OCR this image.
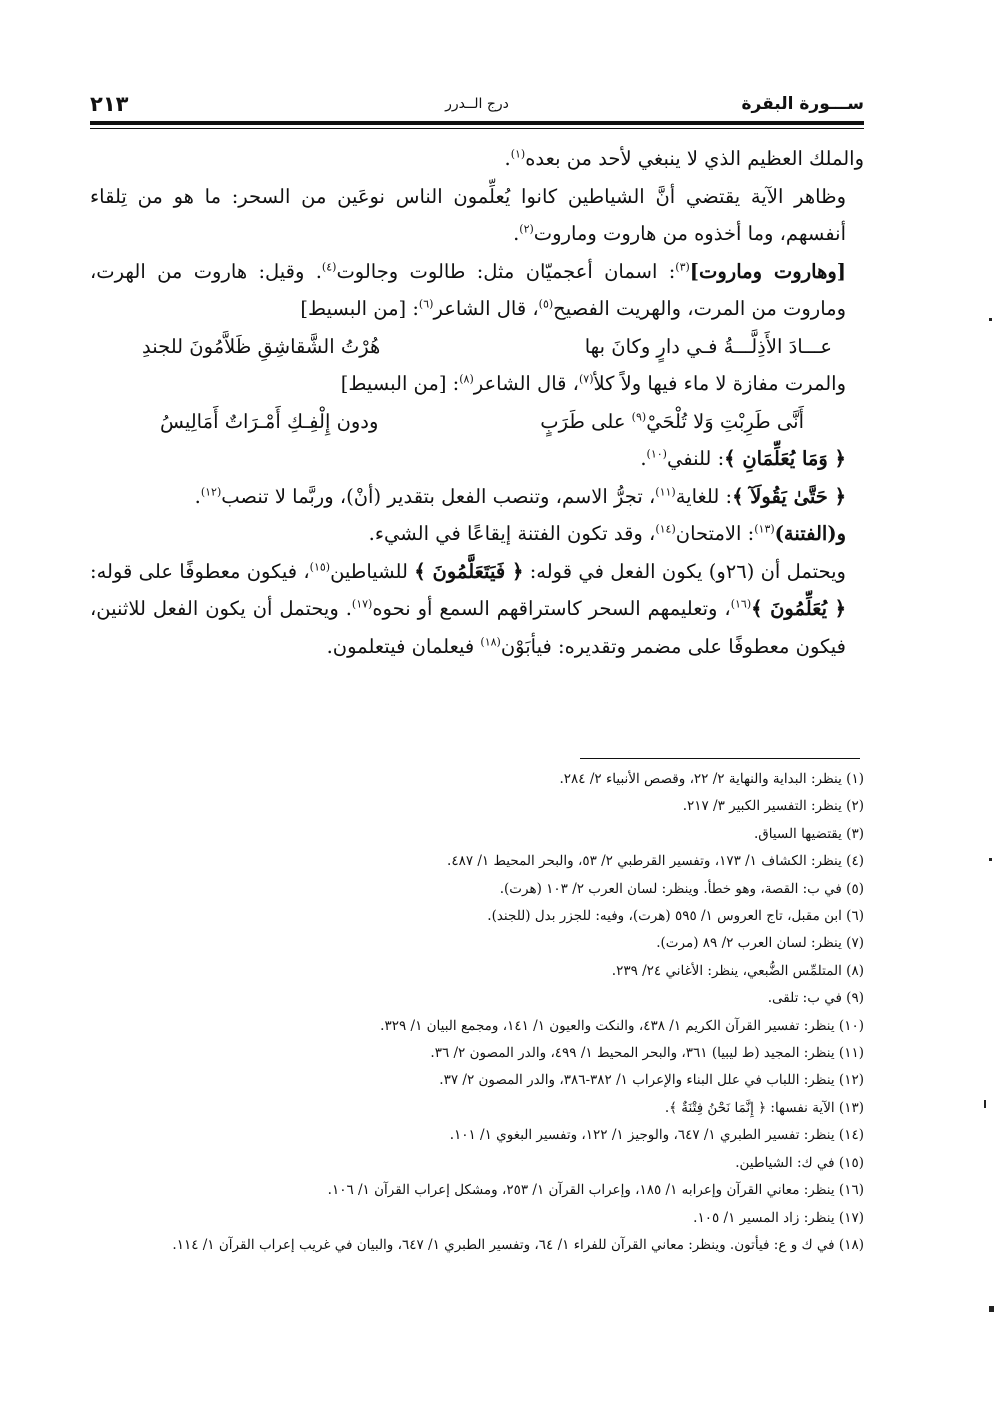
ســـورة البقرة
درج الــدرر
٢١٣

والملك العظيم الذي لا ينبغي لأحد من بعده$^{(١)}$.

وظاهر الآية يقتضي أنَّ الشياطين كانوا يُعلِّمون الناس نوعَين من السحر: ما هو من تِلقاء أنفسهم، وما أخذوه من هاروت وماروت$^{(٢)}$.

[وهاروت وماروت]$^{(٣)}$: اسمان أعجميّان مثل: طالوت وجالوت$^{(٤)}$. وقيل: هاروت من الهرت، وماروت من المرت، والهريت الفصيح$^{(٥)}$، قال الشاعر$^{(٦)}$: [من البسيط]

عـــادَ الأَذِلَّـــةُ فـي دارٍ وكانَ بها
هُرْتُ الشَّقاشِقِ ظَلاَّمُونَ للجندِ

والمرت مفازة لا ماء فيها ولاً كلأ$^{(٧)}$، قال الشاعر$^{(٨)}$: [من البسيط]

أَنَّى طَرِبْتِ وَلا تُلْحَيْ$^{(٩)}$ على طَرَبٍ
ودون إِلْفِـكِ أَمْـرَاتٌ أَمَالِيسُ

﴿ وَمَا يُعَلِّمَانِ ﴾: للنفي$^{(١٠)}$.

﴿ حَتَّىٰ يَقُولَآ ﴾: للغاية$^{(١١)}$، تجرُّ الاسم، وتنصب الفعل بتقدير (أنْ)، وربَّما لا تنصب$^{(١٢)}$.

و(الفتنة)$^{(١٣)}$: الامتحان$^{(١٤)}$، وقد تكون الفتنة إيقاعًا في الشيء.

ويحتمل أن (٢٦و) يكون الفعل في قوله: ﴿ فَيَتَعَلَّمُونَ ﴾ للشياطين$^{(١٥)}$، فيكون معطوفًا على قوله: ﴿ يُعَلِّمُونَ ﴾$^{(١٦)}$، وتعليمهم السحر كاستراقهم السمع أو نحوه$^{(١٧)}$. ويحتمل أن يكون الفعل للاثنين، فيكون معطوفًا على مضمر وتقديره: فيأبَوْن$^{(١٨)}$ فيعلمان فيتعلمون.

(١) ينظر: البداية والنهاية ٢/ ٢٢، وقصص الأنبياء ٢/ ٢٨٤.

(٢) ينظر: التفسير الكبير ٣/ ٢١٧.

(٣) يقتضيها السياق.

(٤) ينظر: الكشاف ١/ ١٧٣، وتفسير القرطبي ٢/ ٥٣، والبحر المحيط ١/ ٤٨٧.

(٥) في ب: القصة، وهو خطأ. وينظر: لسان العرب ٢/ ١٠٣ (هرت).

(٦) ابن مقبل، تاج العروس ١/ ٥٩٥ (هرت)، وفيه: للجزر بدل (للجند).

(٧) ينظر: لسان العرب ٢/ ٨٩ (مرت).

(٨) المتلمِّس الضُّبعي، ينظر: الأغاني ٢٤/ ٢٣٩.

(٩) في ب: تلقى.

(١٠) ينظر: تفسير القرآن الكريم ١/ ٤٣٨، والنكت والعيون ١/ ١٤١، ومجمع البيان ١/ ٣٢٩.

(١١) ينظر: المجيد (ط ليبيا) ٣٦١، والبحر المحيط ١/ ٤٩٩، والدر المصون ٢/ ٣٦.

(١٢) ينظر: اللباب في علل البناء والإعراب ١/ ٣٨٢-٣٨٦، والدر المصون ٢/ ٣٧.

(١٣) الآية نفسها: ﴿ إِنَّمَا نَحْنُ فِتْنَةٌ ﴾.

(١٤) ينظر: تفسير الطبري ١/ ٦٤٧، والوجيز ١/ ١٢٢، وتفسير البغوي ١/ ١٠١.

(١٥) في ك: الشياطين.

(١٦) ينظر: معاني القرآن وإعرابه ١/ ١٨٥، وإعراب القرآن ١/ ٢٥٣، ومشكل إعراب القرآن ١/ ١٠٦.

(١٧) ينظر: زاد المسير ١/ ١٠٥.

(١٨) في ك و ع: فيأتون. وينظر: معاني القرآن للفراء ١/ ٦٤، وتفسير الطبري ١/ ٦٤٧، والبيان في غريب إعراب القرآن ١/ ١١٤.
